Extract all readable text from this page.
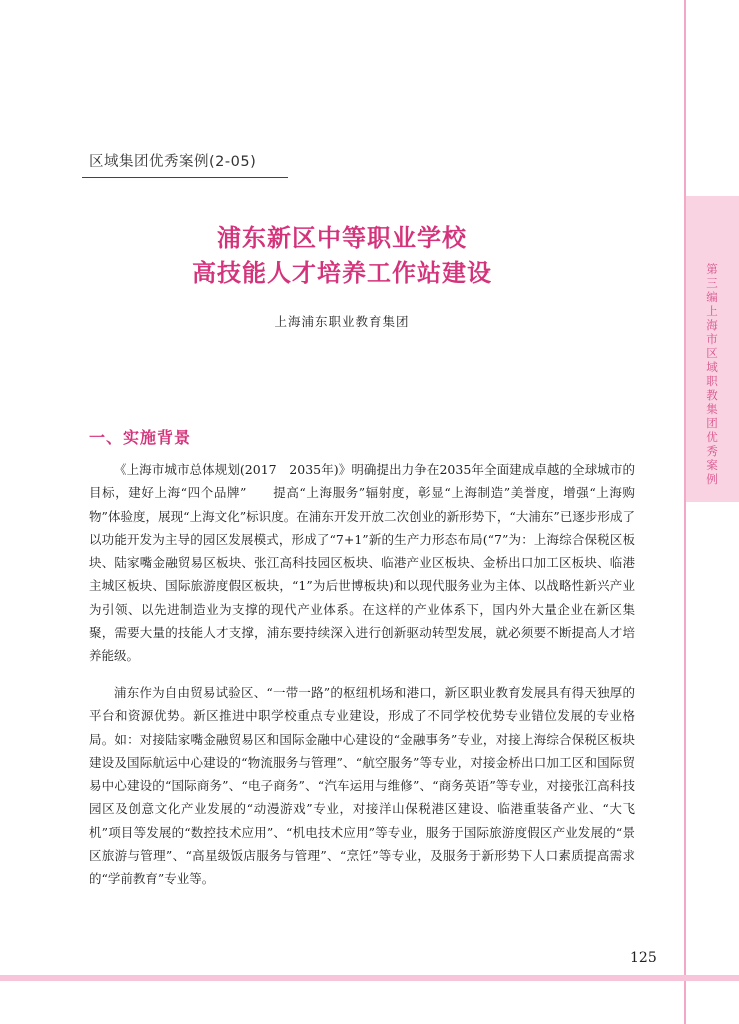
第三编 上海市区域职教集团优秀案例
区域集团优秀案例(2-05)
浦东新区中等职业学校
高技能人才培养工作站建设
上海浦东职业教育集团
一、实施背景

《上海市城市总体规划(2017　2035年)》明确提出力争在2035年全面建成卓越的全球城市的目标，建好上海“四个品牌”　　提高“上海服务”辐射度，彰显“上海制造”美誉度，增强“上海购物”体验度，展现“上海文化”标识度。在浦东开发开放二次创业的新形势下，“大浦东”已逐步形成了以功能开发为主导的园区发展模式，形成了“7+1”新的生产力形态布局(“7”为：上海综合保税区板块、陆家嘴金融贸易区板块、张江高科技园区板块、临港产业区板块、金桥出口加工区板块、临港主城区板块、国际旅游度假区板块，“1”为后世博板块)和以现代服务业为主体、以战略性新兴产业为引领、以先进制造业为支撑的现代产业体系。在这样的产业体系下，国内外大量企业在新区集聚，需要大量的技能人才支撑，浦东要持续深入进行创新驱动转型发展，就必须要不断提高人才培养能级。

浦东作为自由贸易试验区、“一带一路”的枢纽机场和港口，新区职业教育发展具有得天独厚的平台和资源优势。新区推进中职学校重点专业建设，形成了不同学校优势专业错位发展的专业格局。如：对接陆家嘴金融贸易区和国际金融中心建设的“金融事务”专业，对接上海综合保税区板块建设及国际航运中心建设的“物流服务与管理”、“航空服务”等专业，对接金桥出口加工区和国际贸易中心建设的“国际商务”、“电子商务”、“汽车运用与维修”、“商务英语”等专业，对接张江高科技园区及创意文化产业发展的“动漫游戏”专业，对接洋山保税港区建设、临港重装备产业、“大飞机”项目等发展的“数控技术应用”、“机电技术应用”等专业，服务于国际旅游度假区产业发展的“景区旅游与管理”、“高星级饭店服务与管理”、“烹饪”等专业，及服务于新形势下人口素质提高需求的“学前教育”专业等。

125
